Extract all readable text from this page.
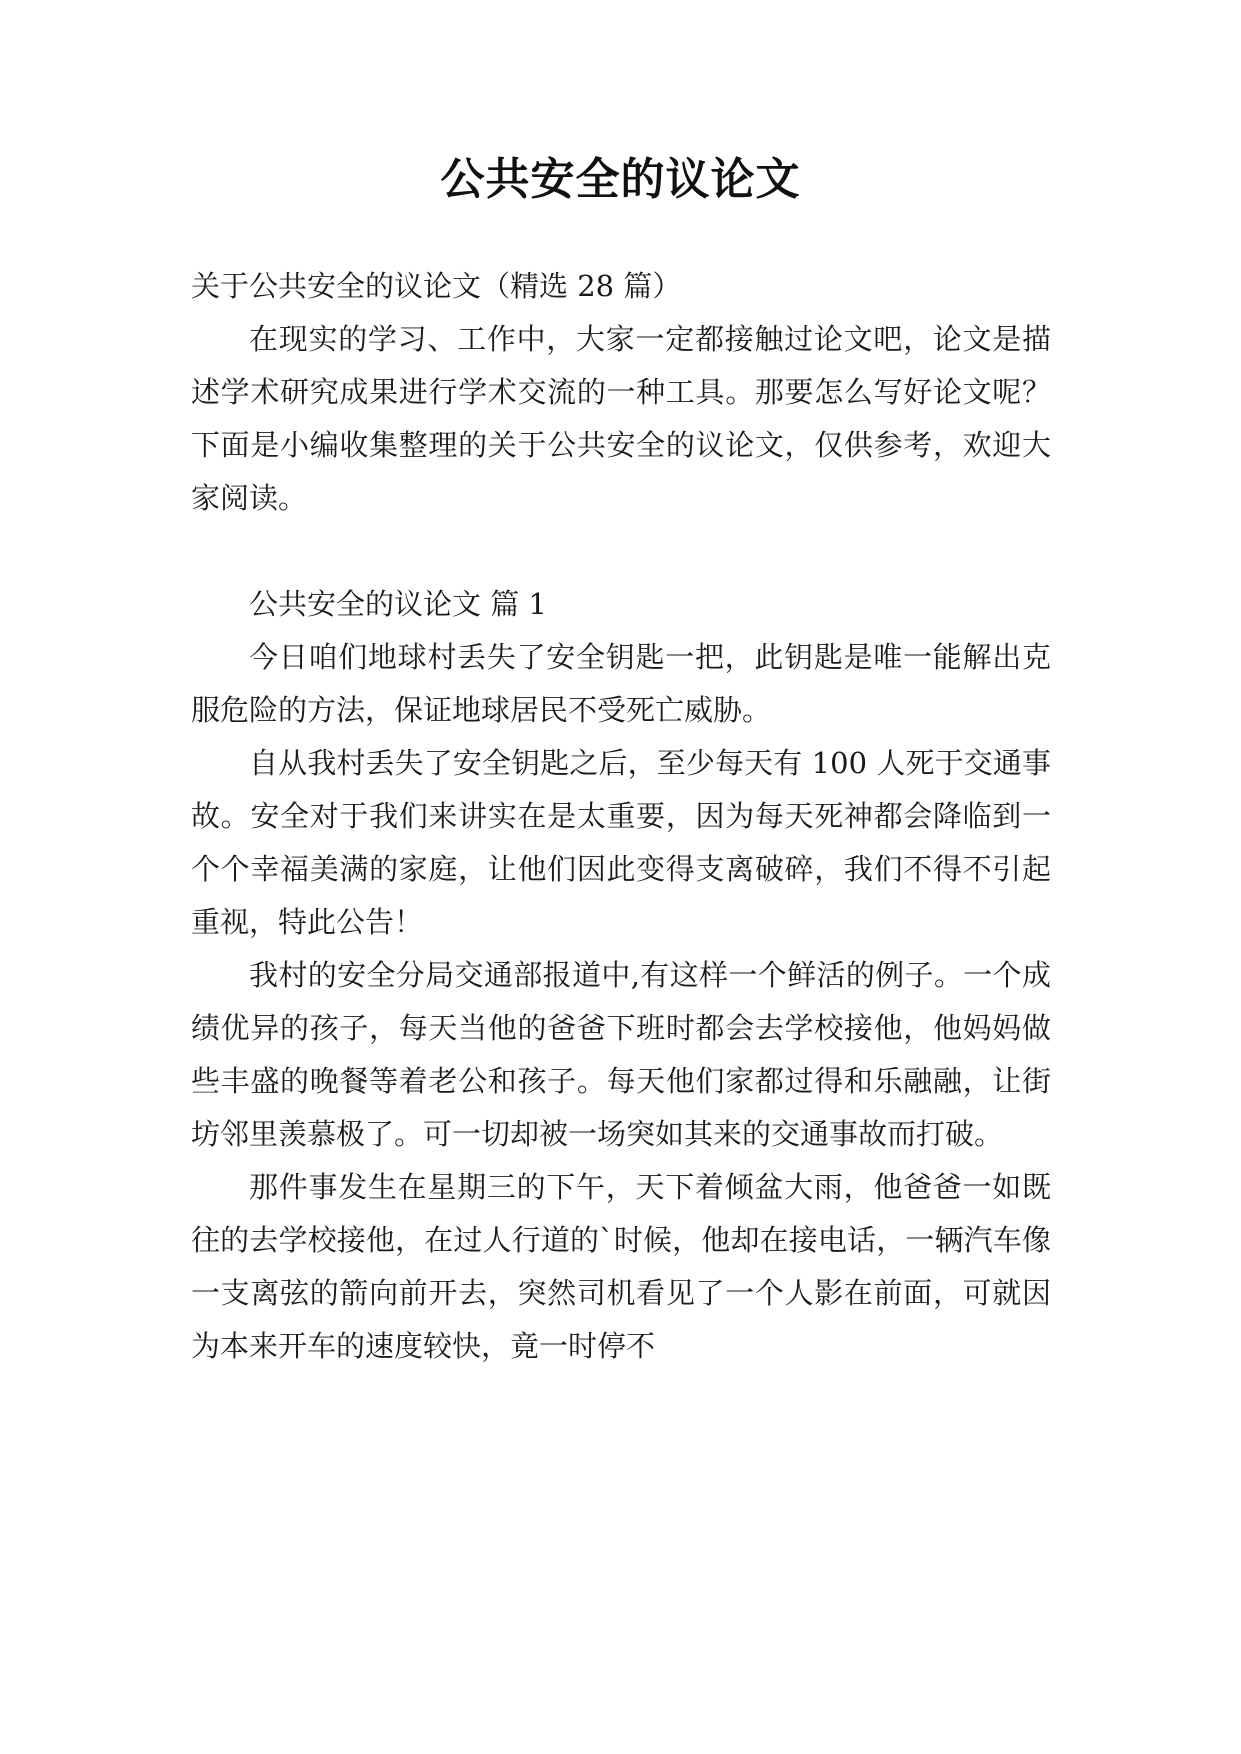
公共安全的议论文

关于公共安全的议论文（精选 28 篇）

在现实的学习、工作中，大家一定都接触过论文吧，论文是描述学术研究成果进行学术交流的一种工具。那要怎么写好论文呢？下面是小编收集整理的关于公共安全的议论文，仅供参考，欢迎大家阅读。

公共安全的议论文 篇 1

今日咱们地球村丢失了安全钥匙一把，此钥匙是唯一能解出克服危险的方法，保证地球居民不受死亡威胁。

自从我村丢失了安全钥匙之后，至少每天有 100 人死于交通事故。安全对于我们来讲实在是太重要，因为每天死神都会降临到一个个幸福美满的家庭，让他们因此变得支离破碎，我们不得不引起重视，特此公告！

我村的安全分局交通部报道中,有这样一个鲜活的例子。一个成绩优异的孩子，每天当他的爸爸下班时都会去学校接他，他妈妈做些丰盛的晚餐等着老公和孩子。每天他们家都过得和乐融融，让街坊邻里羡慕极了。可一切却被一场突如其来的交通事故而打破。

那件事发生在星期三的下午，天下着倾盆大雨，他爸爸一如既往的去学校接他，在过人行道的`时候，他却在接电话，一辆汽车像一支离弦的箭向前开去，突然司机看见了一个人影在前面，可就因为本来开车的速度较快，竟一时停不
